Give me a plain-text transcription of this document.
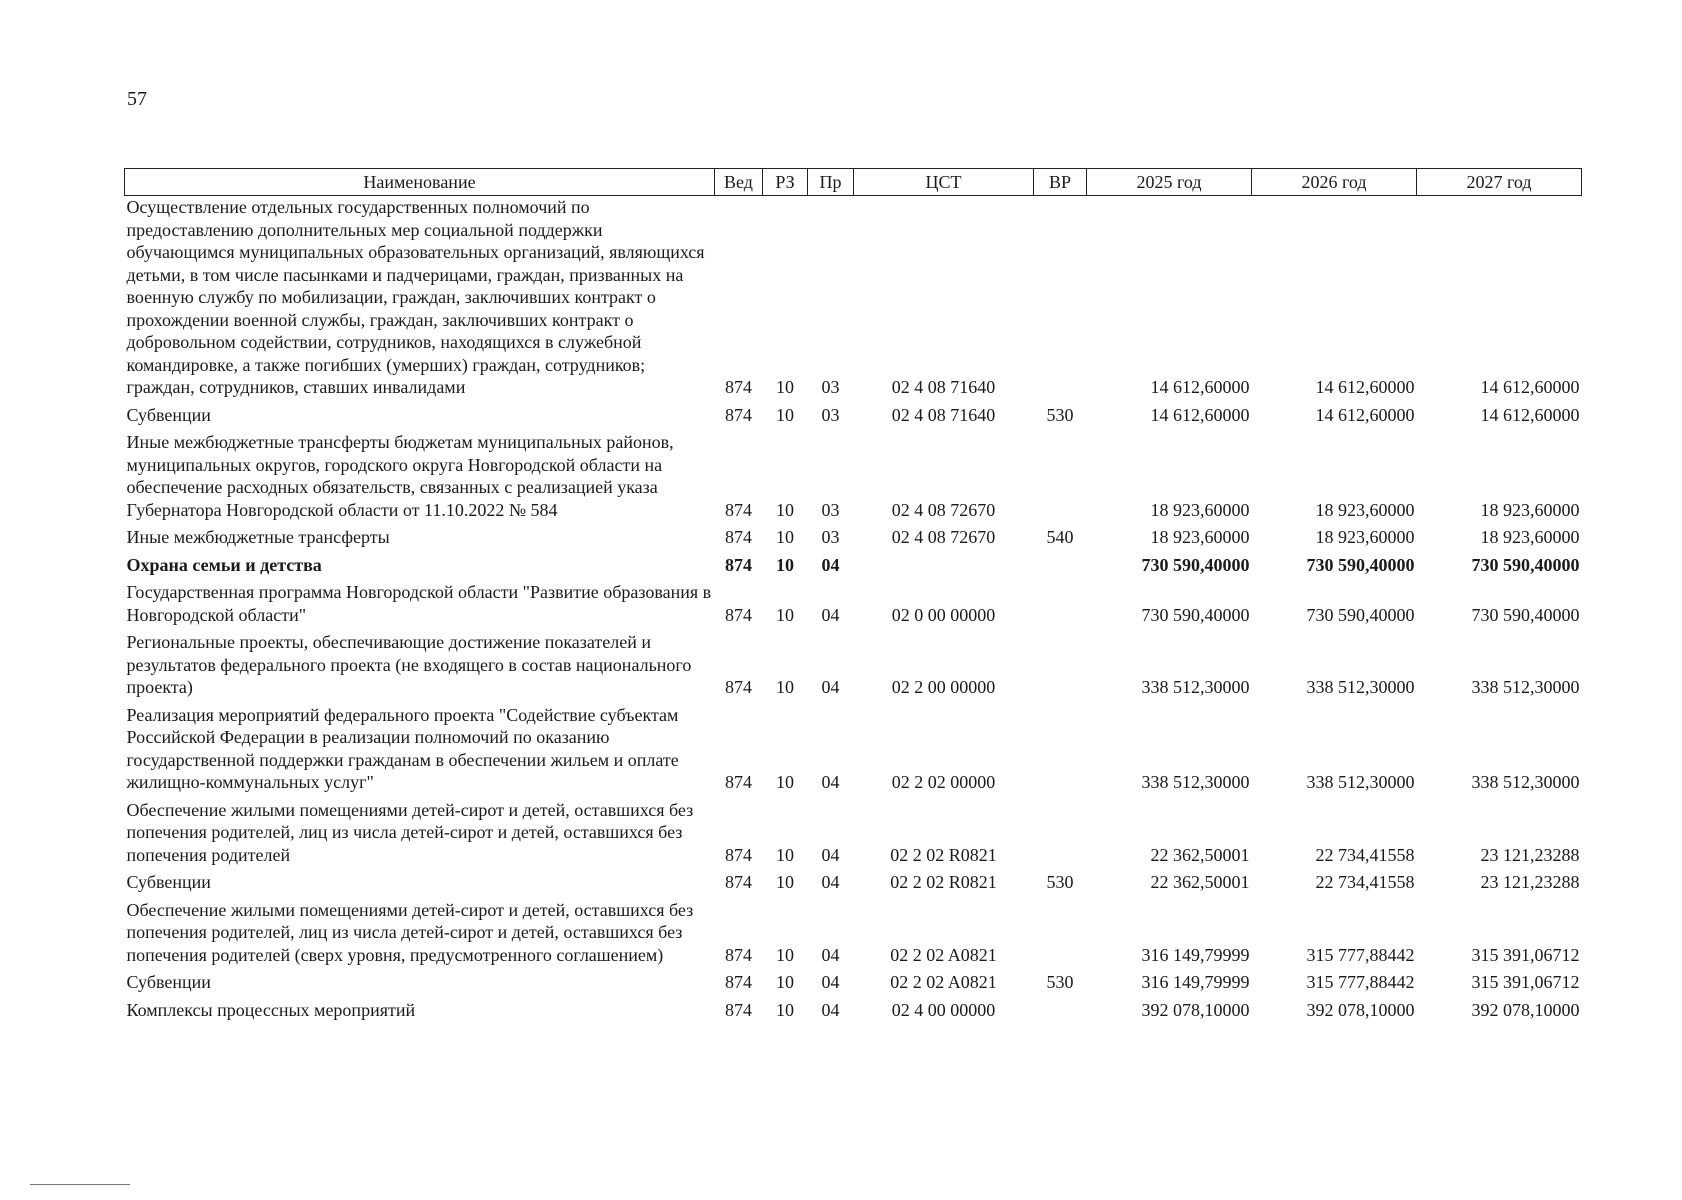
57
Наименование	Вед	РЗ	Пр	ЦСТ	ВР	2025 год	2026 год	2027 год
Осуществление отдельных государственных полномочий по предоставлению дополнительных мер социальной поддержки обучающимся муниципальных образовательных организаций, являющихся детьми, в том числе пасынками и падчерицами, граждан, призванных на военную службу по мобилизации, граждан, заключивших контракт о прохождении военной службы, граждан, заключивших контракт о добровольном содействии, сотрудников, находящихся в служебной командировке, а также погибших (умерших) граждан, сотрудников; граждан, сотрудников, ставших инвалидами	874	10	03	02 4 08 71640		14 612,60000	14 612,60000	14 612,60000
Субвенции	874	10	03	02 4 08 71640	530	14 612,60000	14 612,60000	14 612,60000
Иные межбюджетные трансферты бюджетам муниципальных районов, муниципальных округов, городского округа Новгородской области на обеспечение расходных обязательств, связанных с реализацией указа Губернатора Новгородской области от 11.10.2022 № 584	874	10	03	02 4 08 72670		18 923,60000	18 923,60000	18 923,60000
Иные межбюджетные трансферты	874	10	03	02 4 08 72670	540	18 923,60000	18 923,60000	18 923,60000
Охрана семьи и детства	874	10	04			730 590,40000	730 590,40000	730 590,40000
Государственная программа Новгородской области "Развитие образования в Новгородской области"	874	10	04	02 0 00 00000		730 590,40000	730 590,40000	730 590,40000
Региональные проекты, обеспечивающие достижение показателей и результатов федерального проекта (не входящего в состав национального проекта)	874	10	04	02 2 00 00000		338 512,30000	338 512,30000	338 512,30000
Реализация мероприятий федерального проекта "Содействие субъектам Российской Федерации в реализации полномочий по оказанию государственной поддержки гражданам в обеспечении жильем и оплате жилищно-коммунальных услуг"	874	10	04	02 2 02 00000		338 512,30000	338 512,30000	338 512,30000
Обеспечение жилыми помещениями детей-сирот и детей, оставшихся без попечения родителей, лиц из числа детей-сирот и детей, оставшихся без попечения родителей	874	10	04	02 2 02 R0821		22 362,50001	22 734,41558	23 121,23288
Субвенции	874	10	04	02 2 02 R0821	530	22 362,50001	22 734,41558	23 121,23288
Обеспечение жилыми помещениями детей-сирот и детей, оставшихся без попечения родителей, лиц из числа детей-сирот и детей, оставшихся без попечения родителей (сверх уровня, предусмотренного соглашением)	874	10	04	02 2 02 A0821		316 149,79999	315 777,88442	315 391,06712
Субвенции	874	10	04	02 2 02 A0821	530	316 149,79999	315 777,88442	315 391,06712
Комплексы процессных мероприятий	874	10	04	02 4 00 00000		392 078,10000	392 078,10000	392 078,10000
